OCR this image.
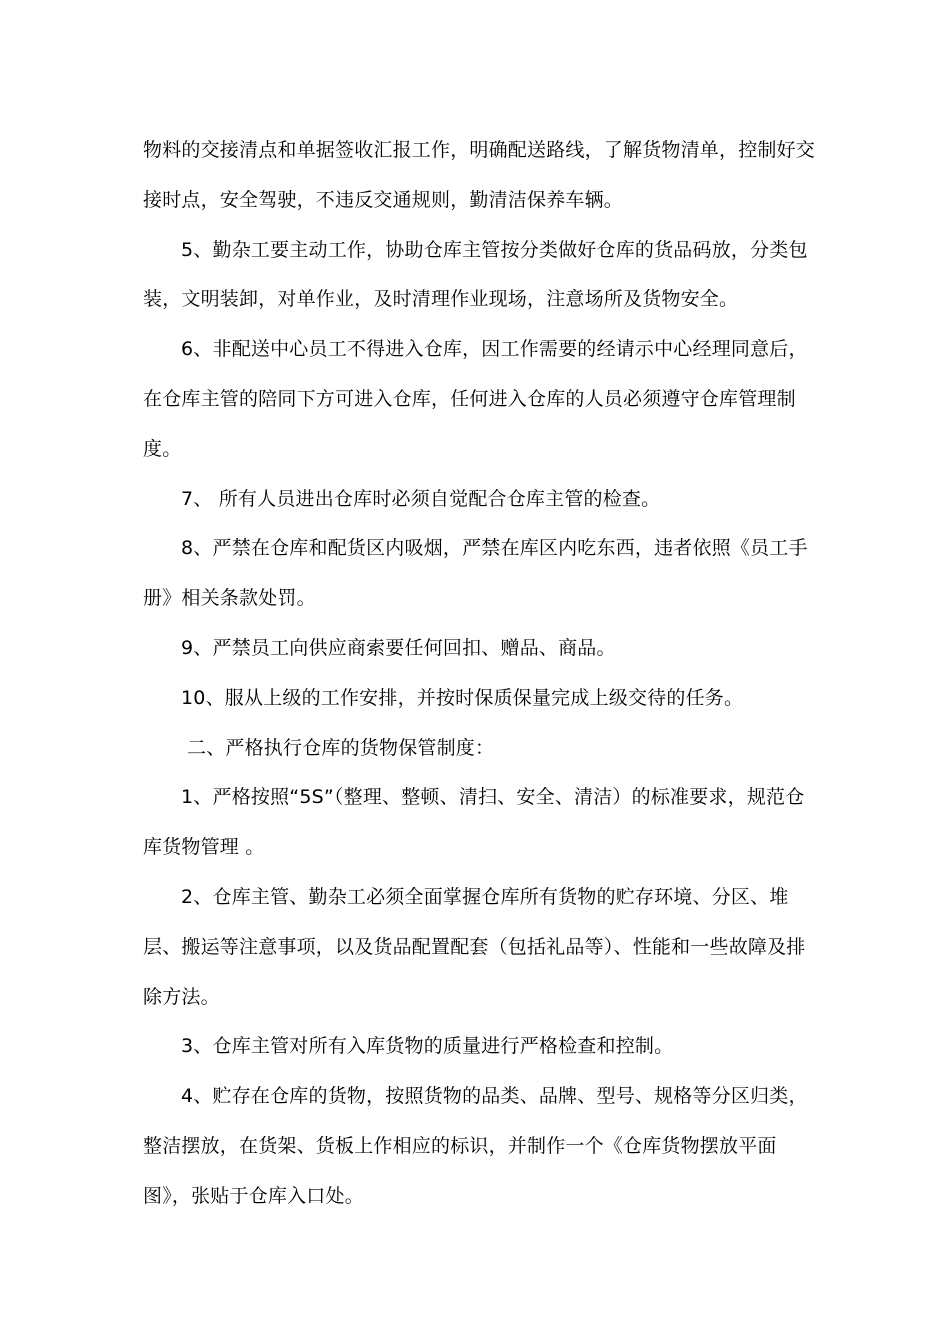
物料的交接清点和单据签收汇报工作，明确配送路线，了解货物清单，控制好交接时点，安全驾驶，不违反交通规则，勤清洁保养车辆。

5、勤杂工要主动工作，协助仓库主管按分类做好仓库的货品码放，分类包装，文明装卸，对单作业，及时清理作业现场，注意场所及货物安全。

6、非配送中心员工不得进入仓库，因工作需要的经请示中心经理同意后，在仓库主管的陪同下方可进入仓库，任何进入仓库的人员必须遵守仓库管理制度。

7、 所有人员进出仓库时必须自觉配合仓库主管的检查。

8、严禁在仓库和配货区内吸烟，严禁在库区内吃东西，违者依照《员工手册》相关条款处罚。

9、严禁员工向供应商索要任何回扣、赠品、商品。

10、服从上级的工作安排，并按时保质保量完成上级交待的任务。

二、严格执行仓库的货物保管制度：

1、严格按照“5S”（整理、整顿、清扫、安全、清洁）的标准要求，规范仓库货物管理 。

2、仓库主管、勤杂工必须全面掌握仓库所有货物的贮存环境、分区、堆层、搬运等注意事项，以及货品配置配套（包括礼品等）、性能和一些故障及排除方法。

3、仓库主管对所有入库货物的质量进行严格检查和控制。

4、贮存在仓库的货物，按照货物的品类、品牌、型号、规格等分区归类，整洁摆放，在货架、货板上作相应的标识，并制作一个《仓库货物摆放平面图》，张贴于仓库入口处。
